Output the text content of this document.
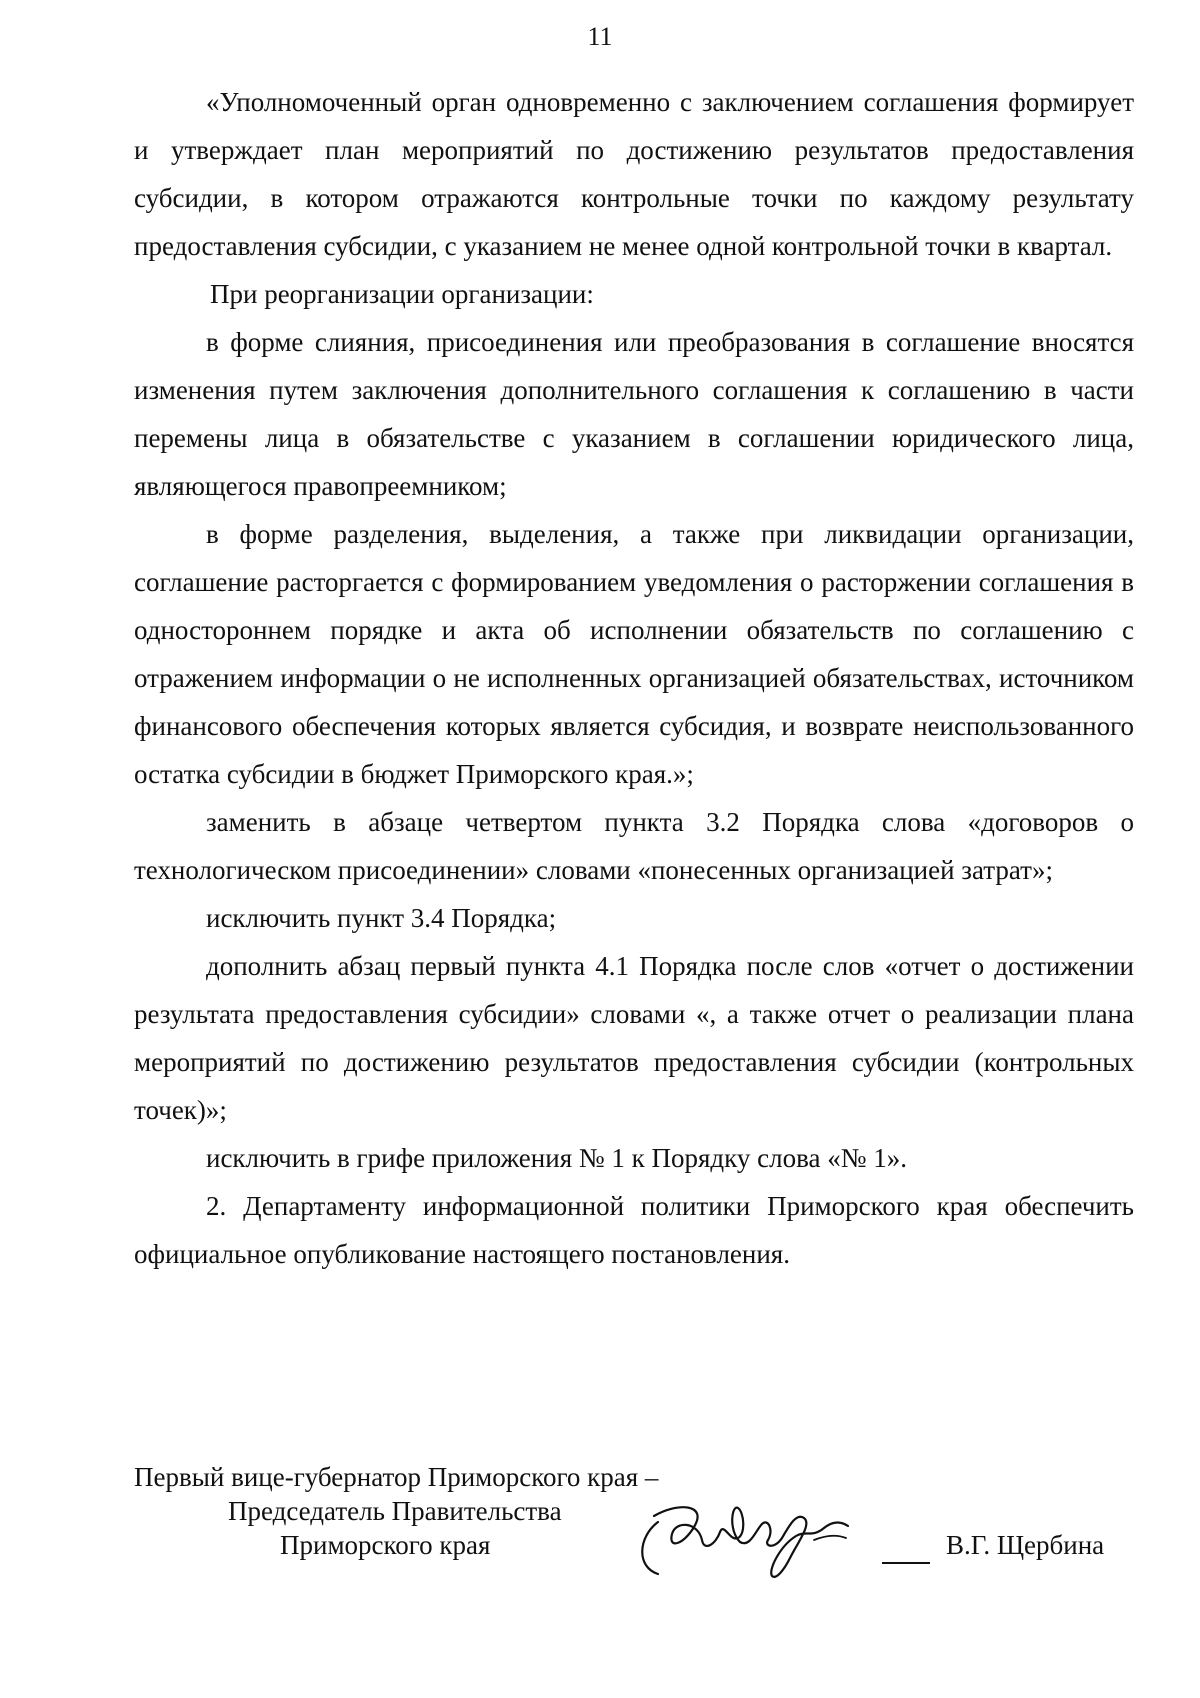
11

«Уполномоченный орган одновременно с заключением соглашения формирует и утверждает план мероприятий по достижению результатов предоставления субсидии, в котором отражаются контрольные точки по каждому результату предоставления субсидии, с указанием не менее одной контрольной точки в квартал.

При реорганизации организации:

в форме слияния, присоединения или преобразования в соглашение вносятся изменения путем заключения дополнительного соглашения к соглашению в части перемены лица в обязательстве с указанием в соглашении юридического лица, являющегося правопреемником;

в форме разделения, выделения, а также при ликвидации организации, соглашение расторгается с формированием уведомления о расторжении соглашения в одностороннем порядке и акта об исполнении обязательств по соглашению с отражением информации о не исполненных организацией обязательствах, источником финансового обеспечения которых является субсидия, и возврате неиспользованного остатка субсидии в бюджет Приморского края.»;

заменить в абзаце четвертом пункта 3.2 Порядка слова «договоров о технологическом присоединении» словами «понесенных организацией затрат»;

исключить пункт 3.4 Порядка;

дополнить абзац первый пункта 4.1 Порядка после слов «отчет о достижении результата предоставления субсидии» словами «, а также отчет о реализации плана мероприятий по достижению результатов предоставления субсидии (контрольных точек)»;

исключить в грифе приложения № 1 к Порядку слова «№ 1».

2. Департаменту информационной политики Приморского края обеспечить официальное опубликование настоящего постановления.

Первый вице-губернатор Приморского края –
Председатель Правительства
Приморского края	В.Г. Щербина
